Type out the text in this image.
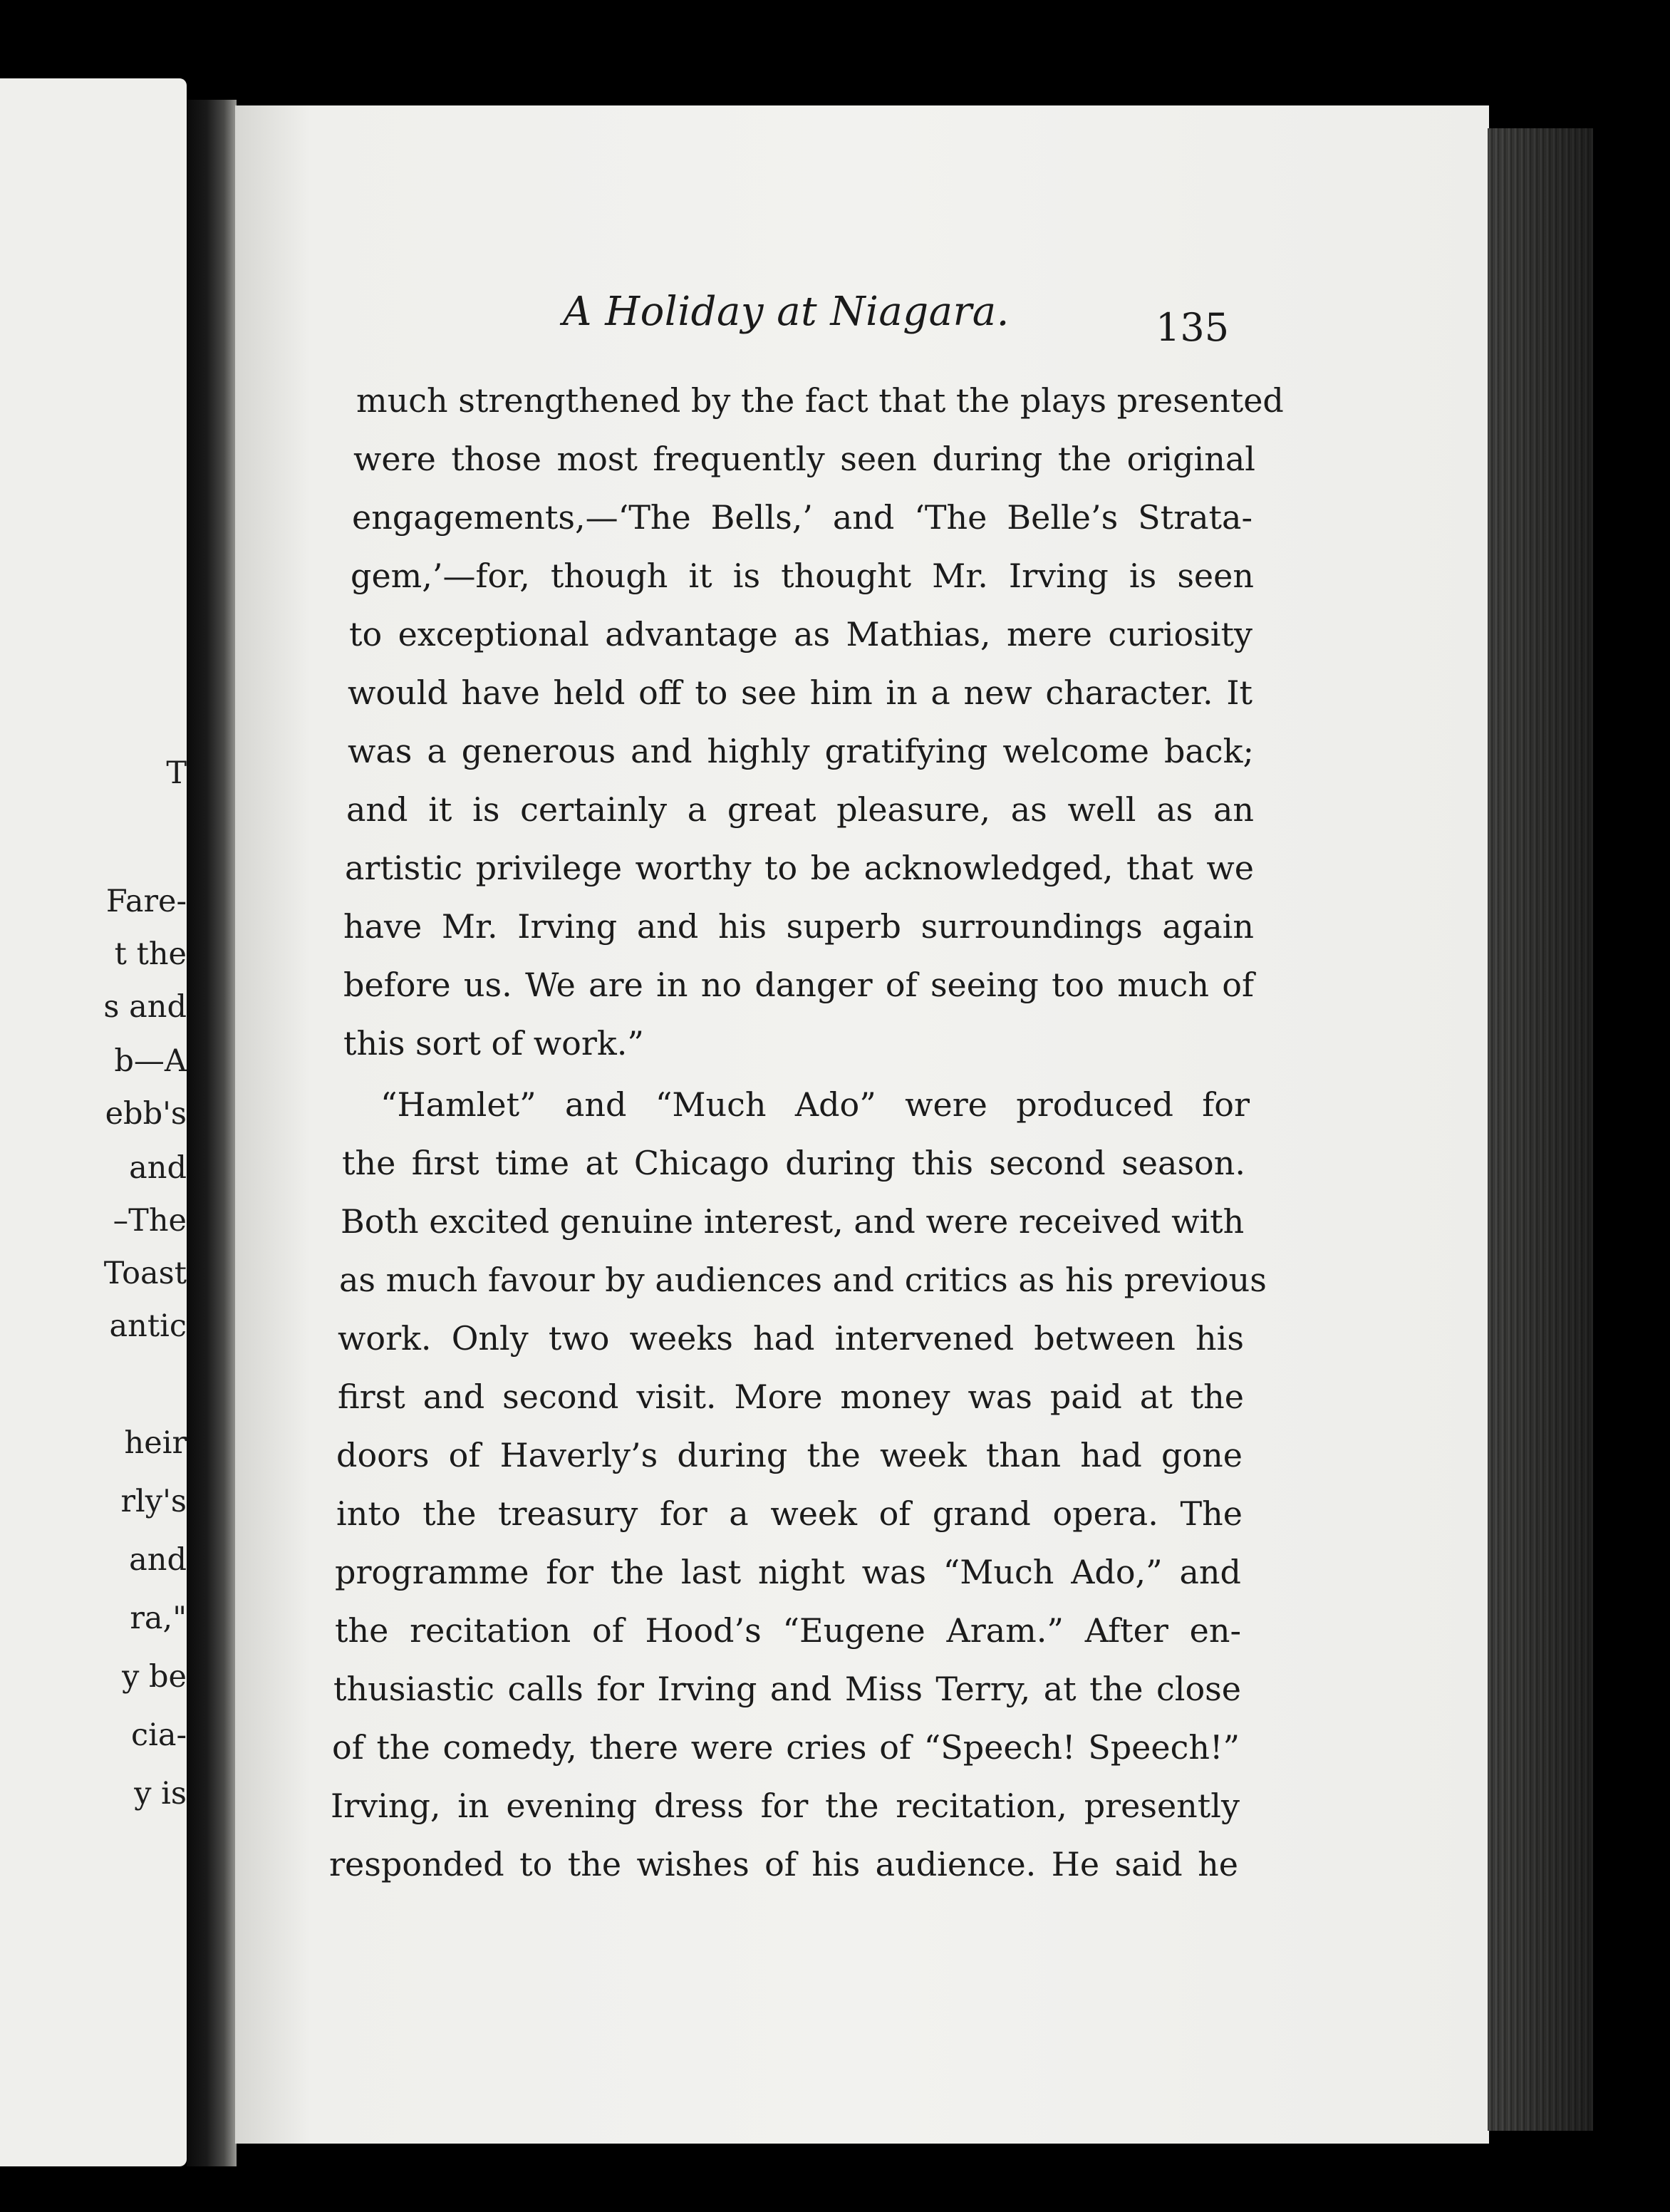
T
Fare-
t the
s and
b—A
ebb's
and
–The
Toast
antic
heir
rly's
and
ra,"
y be
cia-
y is
A Holiday at Niagara.	135
much strengthened by the fact that the plays presented
were those most frequently seen during the original
engagements,—‘The Bells,’ and ‘The Belle’s Strata-
gem,’—for, though it is thought Mr. Irving is seen
to exceptional advantage as Mathias, mere curiosity
would have held off to see him in a new character. It
was a generous and highly gratifying welcome back;
and it is certainly a great pleasure, as well as an
artistic privilege worthy to be acknowledged, that we
have Mr. Irving and his superb surroundings again
before us. We are in no danger of seeing too much of
this sort of work.”
“Hamlet” and “Much Ado” were produced for
the first time at Chicago during this second season.
Both excited genuine interest, and were received with
as much favour by audiences and critics as his previous
work. Only two weeks had intervened between his
first and second visit. More money was paid at the
doors of Haverly’s during the week than had gone
into the treasury for a week of grand opera. The
programme for the last night was “Much Ado,” and
the recitation of Hood’s “Eugene Aram.” After en-
thusiastic calls for Irving and Miss Terry, at the close
of the comedy, there were cries of “Speech! Speech!”
Irving, in evening dress for the recitation, presently
responded to the wishes of his audience. He said he
